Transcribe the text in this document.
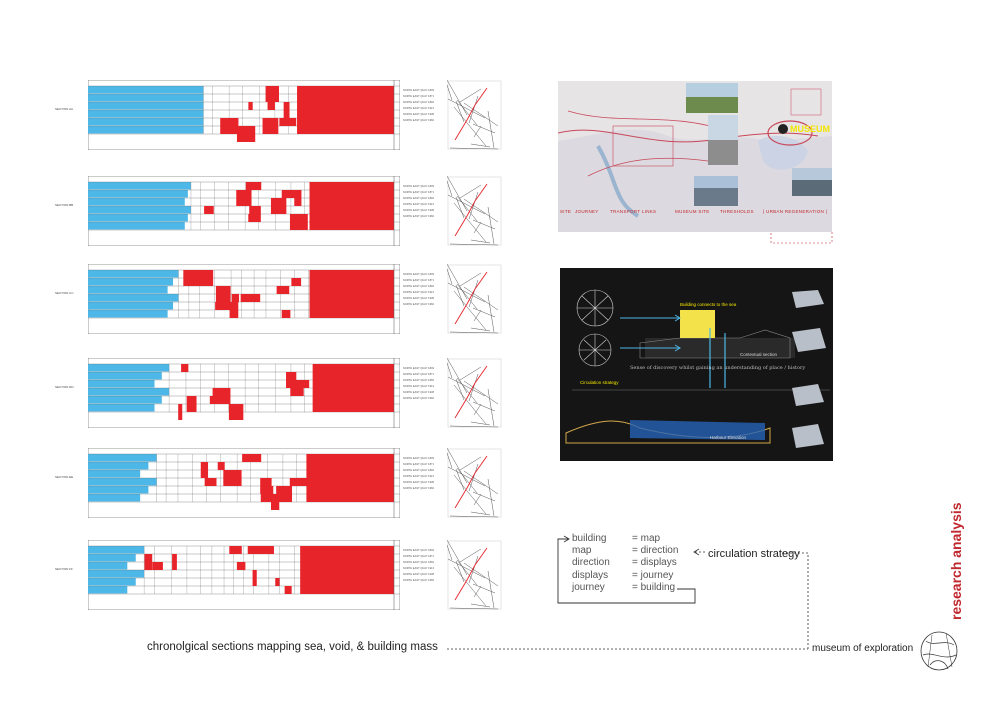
SECTION AA
NORTH EAST QUAY 1849
NORTH EAST QUAY 1871
NORTH EAST QUAY 1892
NORTH EAST QUAY 1913
NORTH EAST QUAY 1938
NORTH EAST QUAY 1966
SECTION BB
NORTH EAST QUAY 1849
NORTH EAST QUAY 1871
NORTH EAST QUAY 1892
NORTH EAST QUAY 1913
NORTH EAST QUAY 1938
NORTH EAST QUAY 1966
SECTION CC
NORTH EAST QUAY 1849
NORTH EAST QUAY 1871
NORTH EAST QUAY 1892
NORTH EAST QUAY 1913
NORTH EAST QUAY 1938
NORTH EAST QUAY 1966
SECTION DD
NORTH EAST QUAY 1849
NORTH EAST QUAY 1871
NORTH EAST QUAY 1892
NORTH EAST QUAY 1913
NORTH EAST QUAY 1938
NORTH EAST QUAY 1966
SECTION EE
NORTH EAST QUAY 1849
NORTH EAST QUAY 1871
NORTH EAST QUAY 1892
NORTH EAST QUAY 1913
NORTH EAST QUAY 1938
NORTH EAST QUAY 1966
SECTION FF
NORTH EAST QUAY 1849
NORTH EAST QUAY 1871
NORTH EAST QUAY 1892
NORTH EAST QUAY 1913
NORTH EAST QUAY 1938
NORTH EAST QUAY 1966
MUSEUM
SITE JOURNEY	TRANSPORT LINKS	MUSEUM SITE THRESHOLDS | URBAN REGENERATION |
Building connects to the sea
Contextual section
Circulation strategy
Harbour Elevation
Sense of discovery whilst gaining an understanding of place / history
building	= map
map	= direction
direction = displays
displays = journey
journey	= building
circulation strategy
chronolgical sections mapping sea, void, & building mass	museum of exploration
research analysis
